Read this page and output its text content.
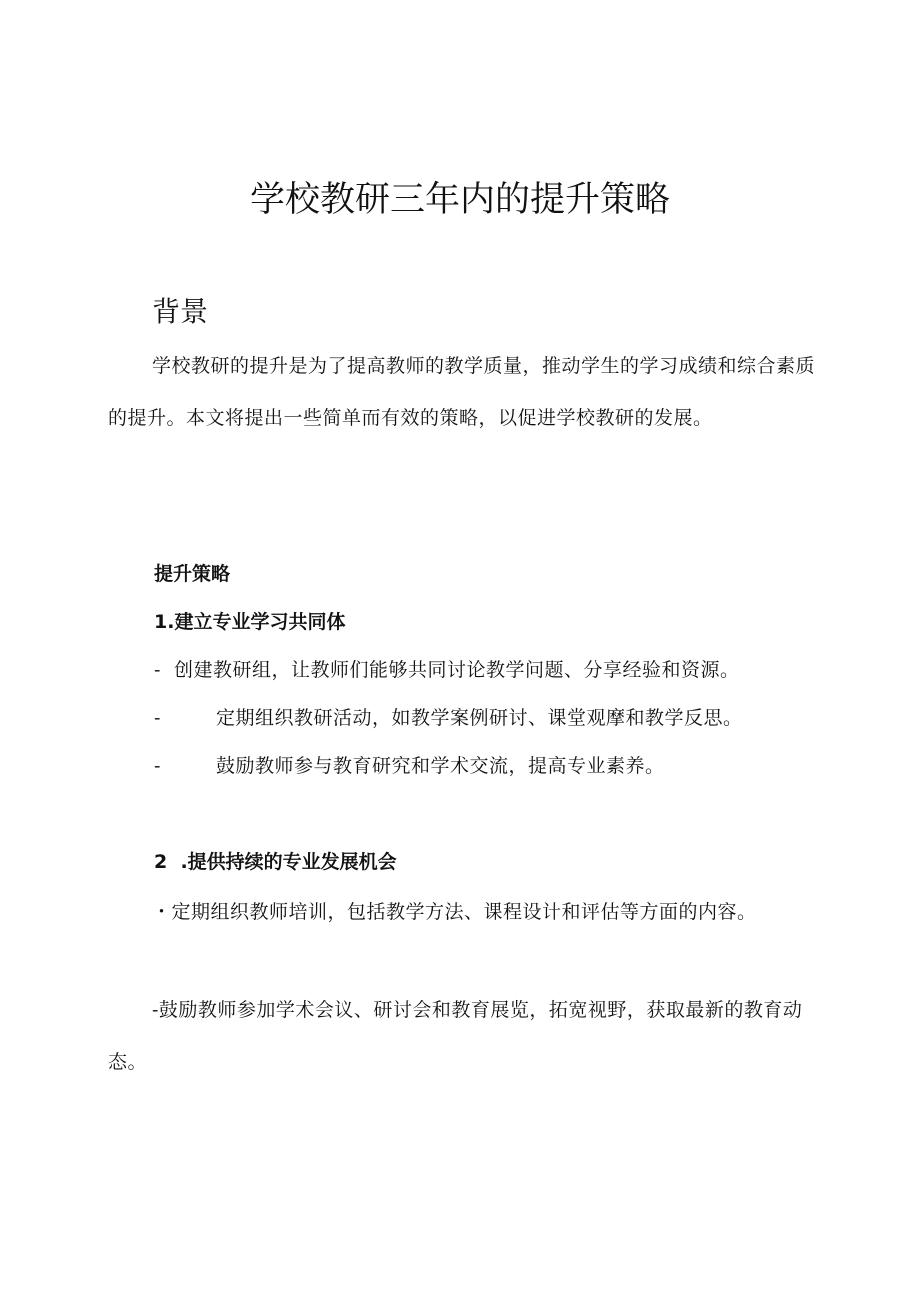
学校教研三年内的提升策略
背景
学校教研的提升是为了提高教师的教学质量，推动学生的学习成绩和综合素质的提升。本文将提出一些简单而有效的策略，以促进学校教研的发展。
提升策略
1.建立专业学习共同体
- 创建教研组，让教师们能够共同讨论教学问题、分享经验和资源。
-	定期组织教研活动，如教学案例研讨、课堂观摩和教学反思。
-	鼓励教师参与教育研究和学术交流，提高专业素养。
2  .提供持续的专业发展机会
・定期组织教师培训，包括教学方法、课程设计和评估等方面的内容。
-鼓励教师参加学术会议、研讨会和教育展览，拓宽视野，获取最新的教育动态。
